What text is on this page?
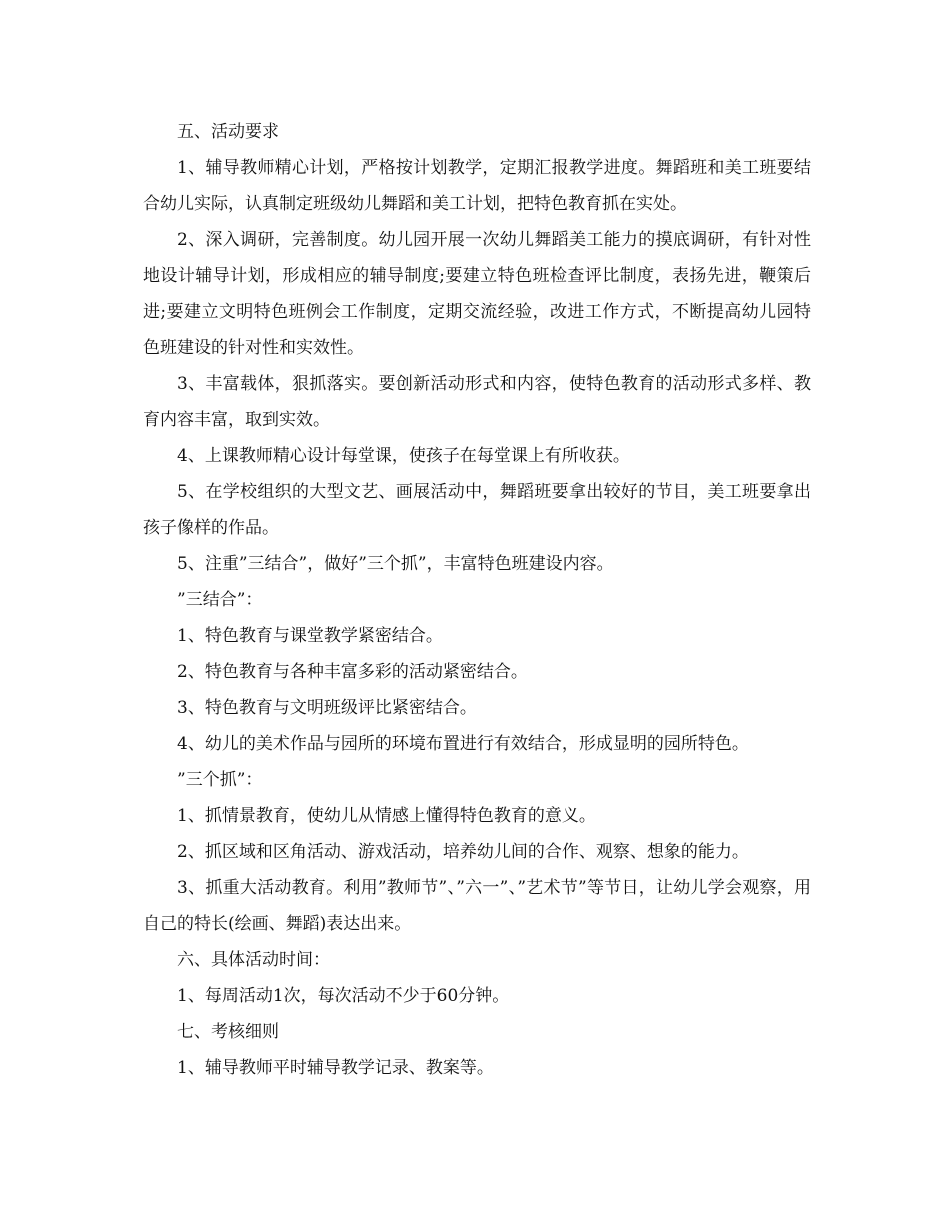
五、活动要求

1、辅导教师精心计划，严格按计划教学，定期汇报教学进度。舞蹈班和美工班要结合幼儿实际，认真制定班级幼儿舞蹈和美工计划，把特色教育抓在实处。

2、深入调研，完善制度。幼儿园开展一次幼儿舞蹈美工能力的摸底调研，有针对性地设计辅导计划，形成相应的辅导制度;要建立特色班检查评比制度，表扬先进，鞭策后进;要建立文明特色班例会工作制度，定期交流经验，改进工作方式，不断提高幼儿园特色班建设的针对性和实效性。

3、丰富载体，狠抓落实。要创新活动形式和内容，使特色教育的活动形式多样、教育内容丰富，取到实效。

4、上课教师精心设计每堂课，使孩子在每堂课上有所收获。

5、在学校组织的大型文艺、画展活动中，舞蹈班要拿出较好的节目，美工班要拿出孩子像样的作品。

5、注重”三结合”，做好”三个抓”，丰富特色班建设内容。

”三结合”：

1、特色教育与课堂教学紧密结合。

2、特色教育与各种丰富多彩的活动紧密结合。

3、特色教育与文明班级评比紧密结合。

4、幼儿的美术作品与园所的环境布置进行有效结合，形成显明的园所特色。

”三个抓”：

1、抓情景教育，使幼儿从情感上懂得特色教育的意义。

2、抓区域和区角活动、游戏活动，培养幼儿间的合作、观察、想象的能力。

3、抓重大活动教育。利用”教师节”、”六一”、”艺术节”等节日，让幼儿学会观察，用自己的特长(绘画、舞蹈)表达出来。

六、具体活动时间：

1、每周活动1次，每次活动不少于60分钟。

七、考核细则

1、辅导教师平时辅导教学记录、教案等。
